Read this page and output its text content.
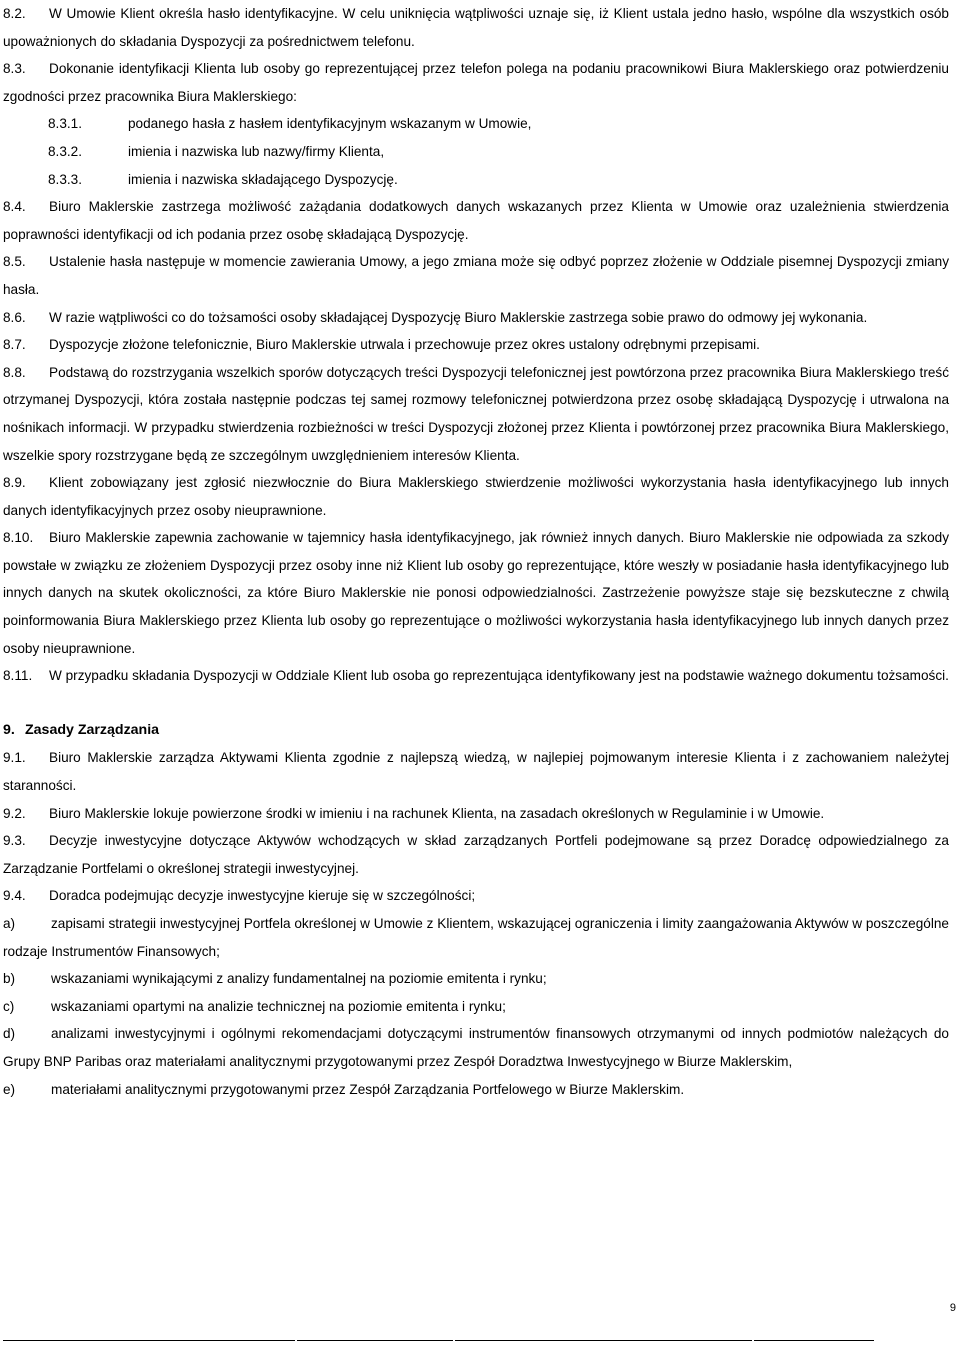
8.2. W Umowie Klient określa hasło identyfikacyjne. W celu uniknięcia wątpliwości uznaje się, iż Klient ustala jedno hasło, wspólne dla wszystkich osób upoważnionych do składania Dyspozycji za pośrednictwem telefonu.

8.3. Dokonanie identyfikacji Klienta lub osoby go reprezentującej przez telefon polega na podaniu pracownikowi Biura Maklerskiego oraz potwierdzeniu zgodności przez pracownika Biura Maklerskiego:

8.3.1.	podanego hasła z hasłem identyfikacyjnym wskazanym w Umowie,
8.3.2.	imienia i nazwiska lub nazwy/firmy Klienta,
8.3.3.	imienia i nazwiska składającego Dyspozycję.

8.4. Biuro Maklerskie zastrzega możliwość zażądania dodatkowych danych wskazanych przez Klienta w Umowie oraz uzależnienia stwierdzenia poprawności identyfikacji od ich podania przez osobę składającą Dyspozycję.

8.5. Ustalenie hasła następuje w momencie zawierania Umowy, a jego zmiana może się odbyć poprzez złożenie w Oddziale pisemnej Dyspozycji zmiany hasła.

8.6. W razie wątpliwości co do tożsamości osoby składającej Dyspozycję Biuro Maklerskie zastrzega sobie prawo do odmowy jej wykonania.

8.7. Dyspozycje złożone telefonicznie, Biuro Maklerskie utrwala i przechowuje przez okres ustalony odrębnymi przepisami.

8.8. Podstawą do rozstrzygania wszelkich sporów dotyczących treści Dyspozycji telefonicznej jest powtórzona przez pracownika Biura Maklerskiego treść otrzymanej Dyspozycji, która została następnie podczas tej samej rozmowy telefonicznej potwierdzona przez osobę składającą Dyspozycję i utrwalona na nośnikach informacji. W przypadku stwierdzenia rozbieżności w treści Dyspozycji złożonej przez Klienta i powtórzonej przez pracownika Biura Maklerskiego, wszelkie spory rozstrzygane będą ze szczególnym uwzględnieniem interesów Klienta.

8.9. Klient zobowiązany jest zgłosić niezwłocznie do Biura Maklerskiego stwierdzenie możliwości wykorzystania hasła identyfikacyjnego lub innych danych identyfikacyjnych przez osoby nieuprawnione.

8.10. Biuro Maklerskie zapewnia zachowanie w tajemnicy hasła identyfikacyjnego, jak również innych danych. Biuro Maklerskie nie odpowiada za szkody powstałe w związku ze złożeniem Dyspozycji przez osoby inne niż Klient lub osoby go reprezentujące, które weszły w posiadanie hasła identyfikacyjnego lub innych danych na skutek okoliczności, za które Biuro Maklerskie nie ponosi odpowiedzialności. Zastrzeżenie powyższe staje się bezskuteczne z chwilą poinformowania Biura Maklerskiego przez Klienta lub osoby go reprezentujące o możliwości wykorzystania hasła identyfikacyjnego lub innych danych przez osoby nieuprawnione.

8.11. W przypadku składania Dyspozycji w Oddziale Klient lub osoba go reprezentująca identyfikowany jest na podstawie ważnego dokumentu tożsamości.

9. Zasady Zarządzania

9.1. Biuro Maklerskie zarządza Aktywami Klienta zgodnie z najlepszą wiedzą, w najlepiej pojmowanym interesie Klienta i z zachowaniem należytej staranności.

9.2. Biuro Maklerskie lokuje powierzone środki w imieniu i na rachunek Klienta, na zasadach określonych w Regulaminie i w Umowie.

9.3. Decyzje inwestycyjne dotyczące Aktywów wchodzących w skład zarządzanych Portfeli podejmowane są przez Doradcę odpowiedzialnego za Zarządzanie Portfelami o określonej strategii inwestycyjnej.

9.4. Doradca podejmując decyzje inwestycyjne kieruje się w szczególności;

a)	zapisami strategii inwestycyjnej Portfela określonej w Umowie z Klientem, wskazującej ograniczenia i limity zaangażowania Aktywów w poszczególne rodzaje Instrumentów Finansowych;

b)	wskazaniami wynikającymi z analizy fundamentalnej na poziomie emitenta i rynku;

c)	wskazaniami opartymi na analizie technicznej na poziomie emitenta i rynku;

d)	analizami inwestycyjnymi i ogólnymi rekomendacjami dotyczącymi instrumentów finansowych otrzymanymi od innych podmiotów należących do Grupy BNP Paribas oraz materiałami analitycznymi przygotowanymi przez Zespół Doradztwa Inwestycyjnego w Biurze Maklerskim,

e)	materiałami analitycznymi przygotowanymi przez Zespół Zarządzania Portfelowego w Biurze Maklerskim.

9
